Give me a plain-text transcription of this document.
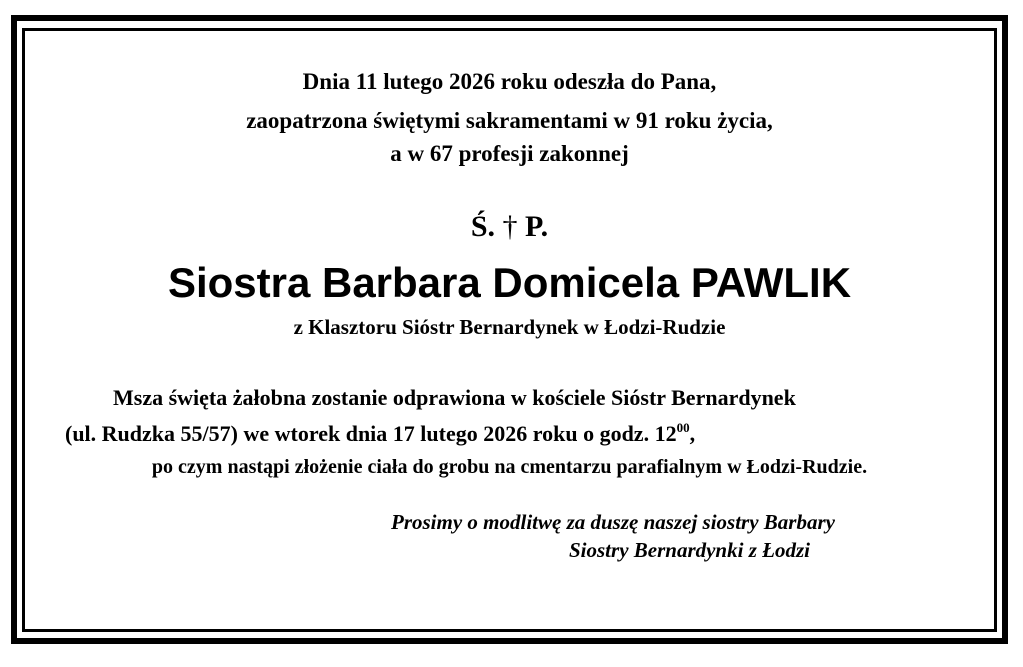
Dnia 11 lutego 2026 roku odeszła do Pana,
zaopatrzona świętymi sakramentami w 91 roku życia,
a w 67 profesji zakonnej
Ś. † P.
Siostra Barbara Domicela PAWLIK
z Klasztoru Sióstr Bernardynek w Łodzi-Rudzie
Msza święta żałobna zostanie odprawiona w kościele Sióstr Bernardynek
(ul. Rudzka 55/57) we wtorek dnia 17 lutego 2026 roku o godz. $12^{00}$,
po czym nastąpi złożenie ciała do grobu na cmentarzu parafialnym w Łodzi-Rudzie.
Prosimy o modlitwę za duszę naszej siostry Barbary
Siostry Bernardynki z Łodzi
